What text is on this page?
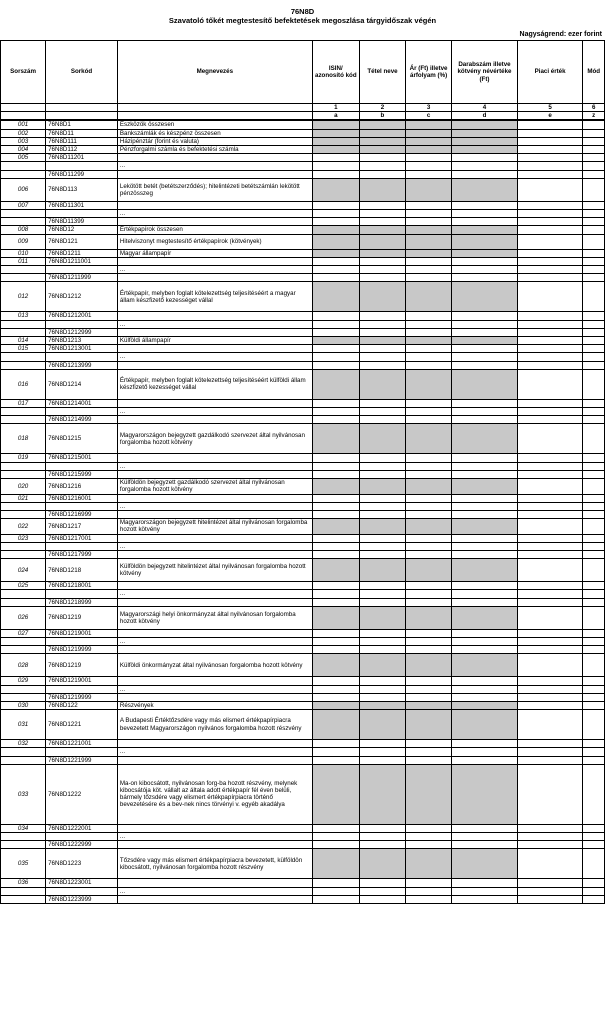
76N8D
Szavatoló tőkét megtestesítő befektetések megoszlása tárgyidőszak végén
Nagyságrend: ezer forint
Sorszám	Sorkód	Megnevezés	ISIN/ azonosító kód	Tétel neve	Ár (Ft) illetve árfolyam (%)	Darabszám illetve kötvény névértéke (Ft)	Piaci érték	Mód
			1	2	3	4	5	6
			a	b	c	d	e	z
001	76N8D1	Eszközök összesen						
002	76N8D11	Bankszámlák és készpénz összesen						
003	76N8D111	Házipénztár (forint és valuta)						
004	76N8D112	Pénzforgalmi számla és befektetési számla						
005	76N8D11201							
		...						
	76N8D11299							
006	76N8D113	Lekötött betét (betétszerződés); hitelintézeti betétszámlán lekötött pénzösszeg						
007	76N8D11301							
		...						
	76N8D11399							
008	76N8D12	Értékpapírok összesen						
009	76N8D121	Hitelviszonyt megtestesítő értékpapírok (kötvények)						
010	76N8D1211	Magyar állampapír						
011	76N8D1211001							
		...						
	76N8D1211999							
012	76N8D1212	Értékpapír, melyben foglalt kötelezettség teljesítéséért a magyar állam készfizető kezességet vállal						
013	76N8D1212001							
		...						
	76N8D1212999							
014	76N8D1213	Külföldi állampapír						
015	76N8D1213001							
		...						
	76N8D1213999							
016	76N8D1214	Értékpapír, melyben foglalt kötelezettség teljesítéséért külföldi állam készfizető kezességet vállal						
017	76N8D1214001							
		...						
	76N8D1214999							
018	76N8D1215	Magyarországon bejegyzett gazdálkodó szervezet által nyilvánosan forgalomba hozott kötvény						
019	76N8D1215001							
		...						
	76N8D1215999							
020	76N8D1216	Külföldön bejegyzett gazdálkodó szervezet által nyilvánosan forgalomba hozott kötvény						
021	76N8D1216001							
		...						
	76N8D1216999							
022	76N8D1217	Magyarországon bejegyzett hitelintézet által nyilvánosan forgalomba hozott kötvény						
023	76N8D1217001							
		...						
	76N8D1217999							
024	76N8D1218	Külföldön bejegyzett hitelintézet által nyilvánosan forgalomba hozott kötvény						
025	76N8D1218001							
		...						
	76N8D1218999							
026	76N8D1219	Magyarországi helyi önkormányzat által nyilvánosan forgalomba hozott kötvény						
027	76N8D1219001							
		...						
	76N8D1219999							
028	76N8D1219	Külföldi önkormányzat által nyilvánosan forgalomba hozott kötvény						
029	76N8D1219001							
		...						
	76N8D1219999							
030	76N8D122	Részvények						
031	76N8D1221	A Budapesti Értéktőzsdére vagy más elismert értékpapírpiacra bevezetett Magyarországon nyilvános forgalomba hozott részvény						
032	76N8D1221001							
		...						
	76N8D1221999							
033	76N8D1222	Ma-on kibocsátott, nyilvánosan forg-ba hozott részvény, melynek kibocsátója köt. vállalt az általa adott értékpapír fél éven belüli, bármely tőzsdére vagy elismert értékpapírpiacra történő bevezetésére és a bev-nek nincs törvényi v. egyéb akadálya						
034	76N8D1222001							
		...						
	76N8D1222999							
035	76N8D1223	Tőzsdére vagy más elismert értékpapírpiacra bevezetett, külföldön kibocsátott, nyilvánosan forgalomba hozott részvény						
036	76N8D1223001							
		...						
	76N8D1223999							
